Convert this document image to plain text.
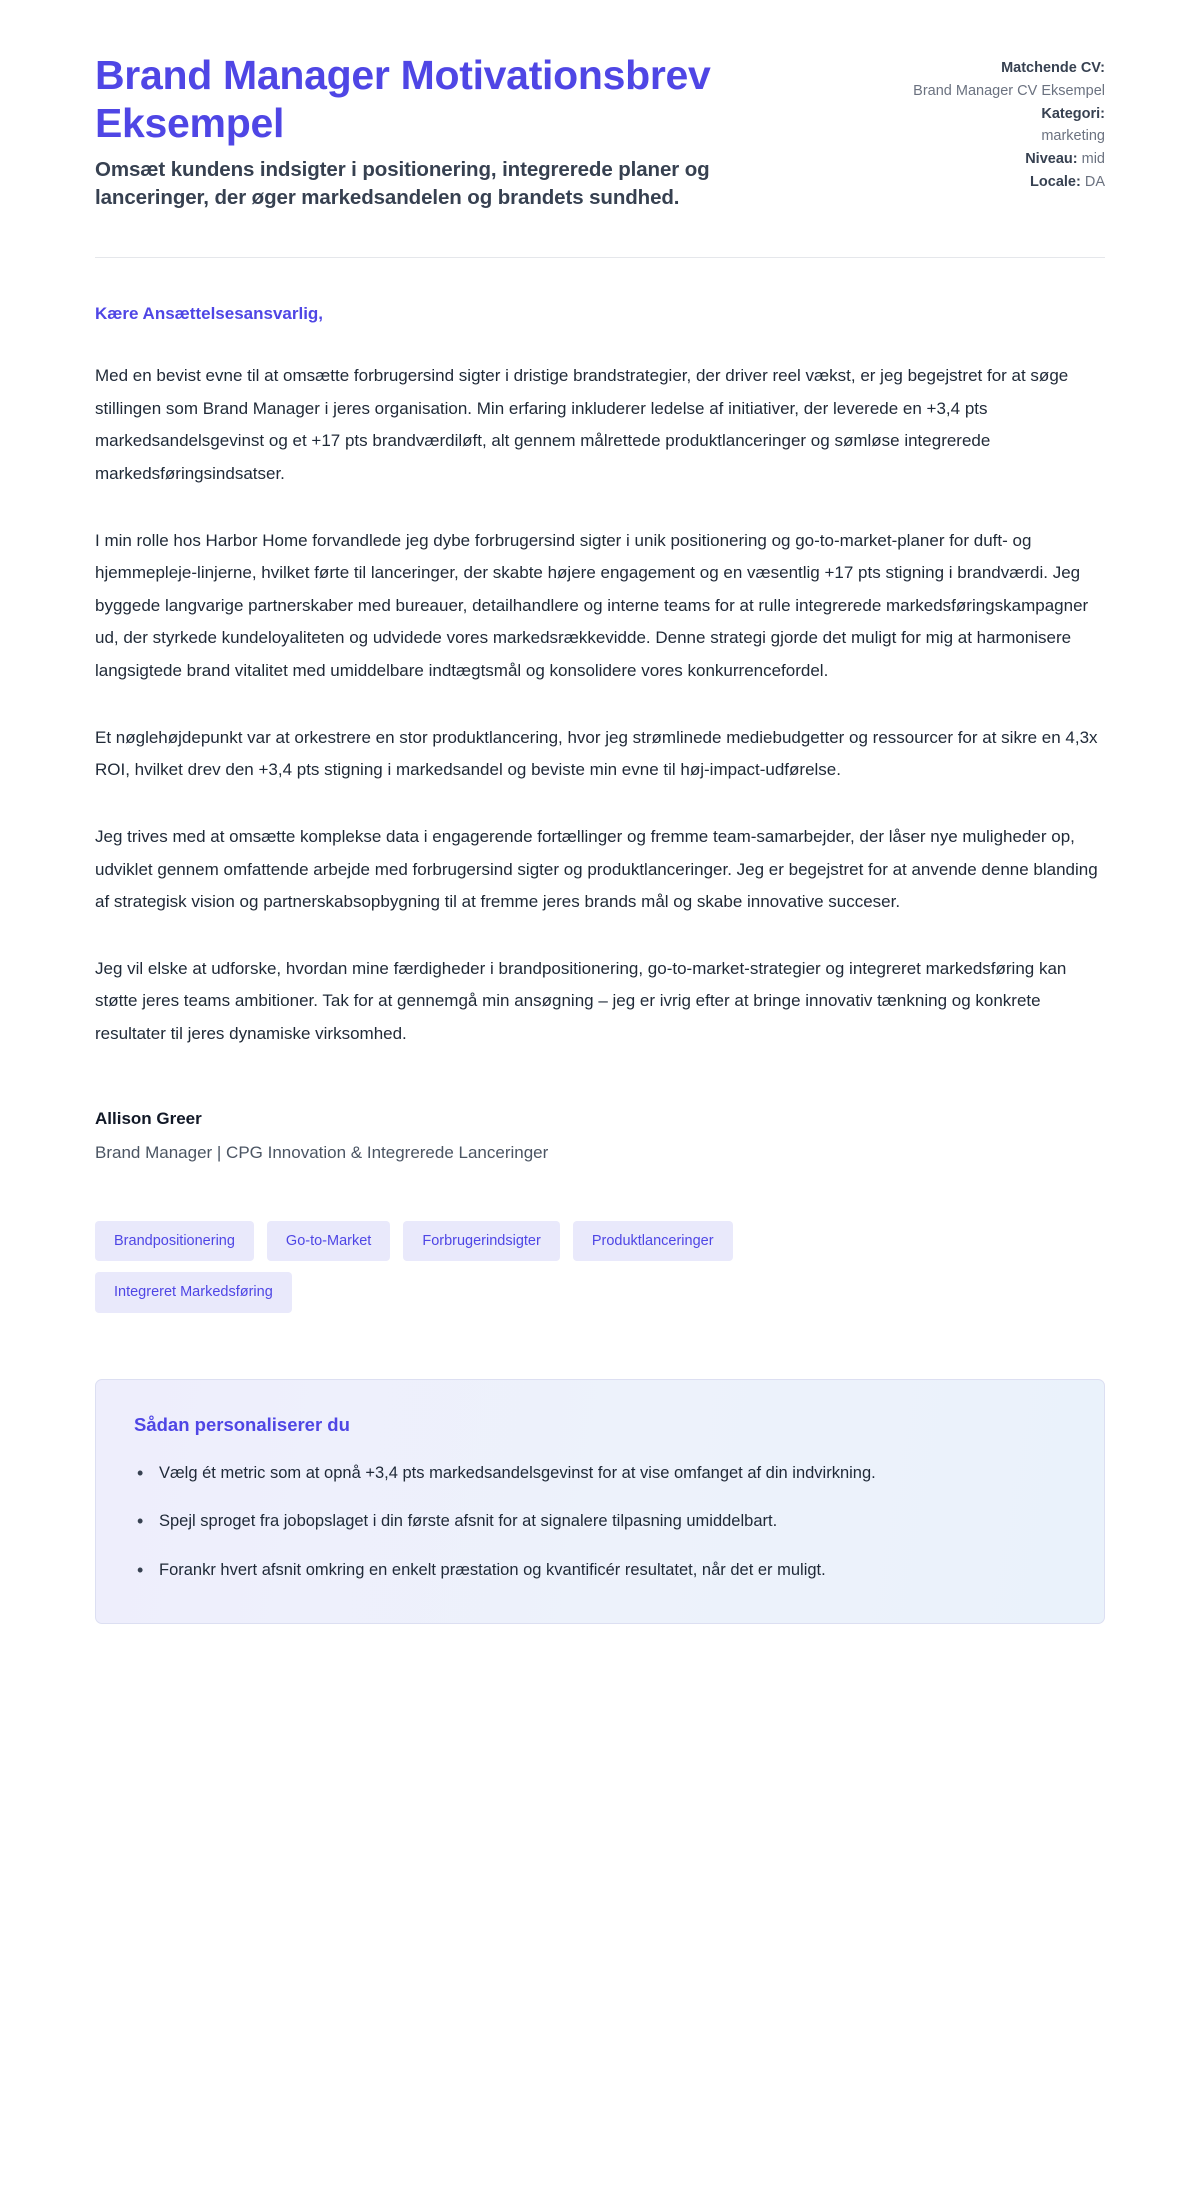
Brand Manager Motivationsbrev Eksempel

Omsæt kundens indsigter i positionering, integrerede planer og lanceringer, der øger markedsandelen og brandets sundhed.

Matchende CV:
Brand Manager CV Eksempel
Kategori:
marketing
Niveau: mid
Locale: DA

Kære Ansættelsesansvarlig,

Med en bevist evne til at omsætte forbrugersind sigter i dristige brandstrategier, der driver reel vækst, er jeg begejstret for at søge stillingen som Brand Manager i jeres organisation. Min erfaring inkluderer ledelse af initiativer, der leverede en +3,4 pts markedsandelsgevinst og et +17 pts brandværdiløft, alt gennem målrettede produktlanceringer og sømløse integrerede markedsføringsindsatser.

I min rolle hos Harbor Home forvandlede jeg dybe forbrugersind sigter i unik positionering og go-to-market-planer for duft- og hjemmepleje-linjerne, hvilket førte til lanceringer, der skabte højere engagement og en væsentlig +17 pts stigning i brandværdi. Jeg byggede langvarige partnerskaber med bureauer, detailhandlere og interne teams for at rulle integrerede markedsføringskampagner ud, der styrkede kundeloyaliteten og udvidede vores markedsrækkevidde. Denne strategi gjorde det muligt for mig at harmonisere langsigtede brand vitalitet med umiddelbare indtægtsmål og konsolidere vores konkurrencefordel.

Et nøglehøjdepunkt var at orkestrere en stor produktlancering, hvor jeg strømlinede mediebudgetter og ressourcer for at sikre en 4,3x ROI, hvilket drev den +3,4 pts stigning i markedsandel og beviste min evne til høj-impact-udførelse.

Jeg trives med at omsætte komplekse data i engagerende fortællinger og fremme team-samarbejder, der låser nye muligheder op, udviklet gennem omfattende arbejde med forbrugersind sigter og produktlanceringer. Jeg er begejstret for at anvende denne blanding af strategisk vision og partnerskabsopbygning til at fremme jeres brands mål og skabe innovative succeser.

Jeg vil elske at udforske, hvordan mine færdigheder i brandpositionering, go-to-market-strategier og integreret markedsføring kan støtte jeres teams ambitioner. Tak for at gennemgå min ansøgning – jeg er ivrig efter at bringe innovativ tænkning og konkrete resultater til jeres dynamiske virksomhed.

Allison Greer

Brand Manager | CPG Innovation & Integrerede Lanceringer

Brandpositionering	Go-to-Market	Forbrugerindsigter	Produktlanceringer
Integreret Markedsføring
Sådan personaliserer du
• Vælg ét metric som at opnå +3,4 pts markedsandelsgevinst for at vise omfanget af din indvirkning.
• Spejl sproget fra jobopslaget i din første afsnit for at signalere tilpasning umiddelbart.
• Forankr hvert afsnit omkring en enkelt præstation og kvantificér resultatet, når det er muligt.
